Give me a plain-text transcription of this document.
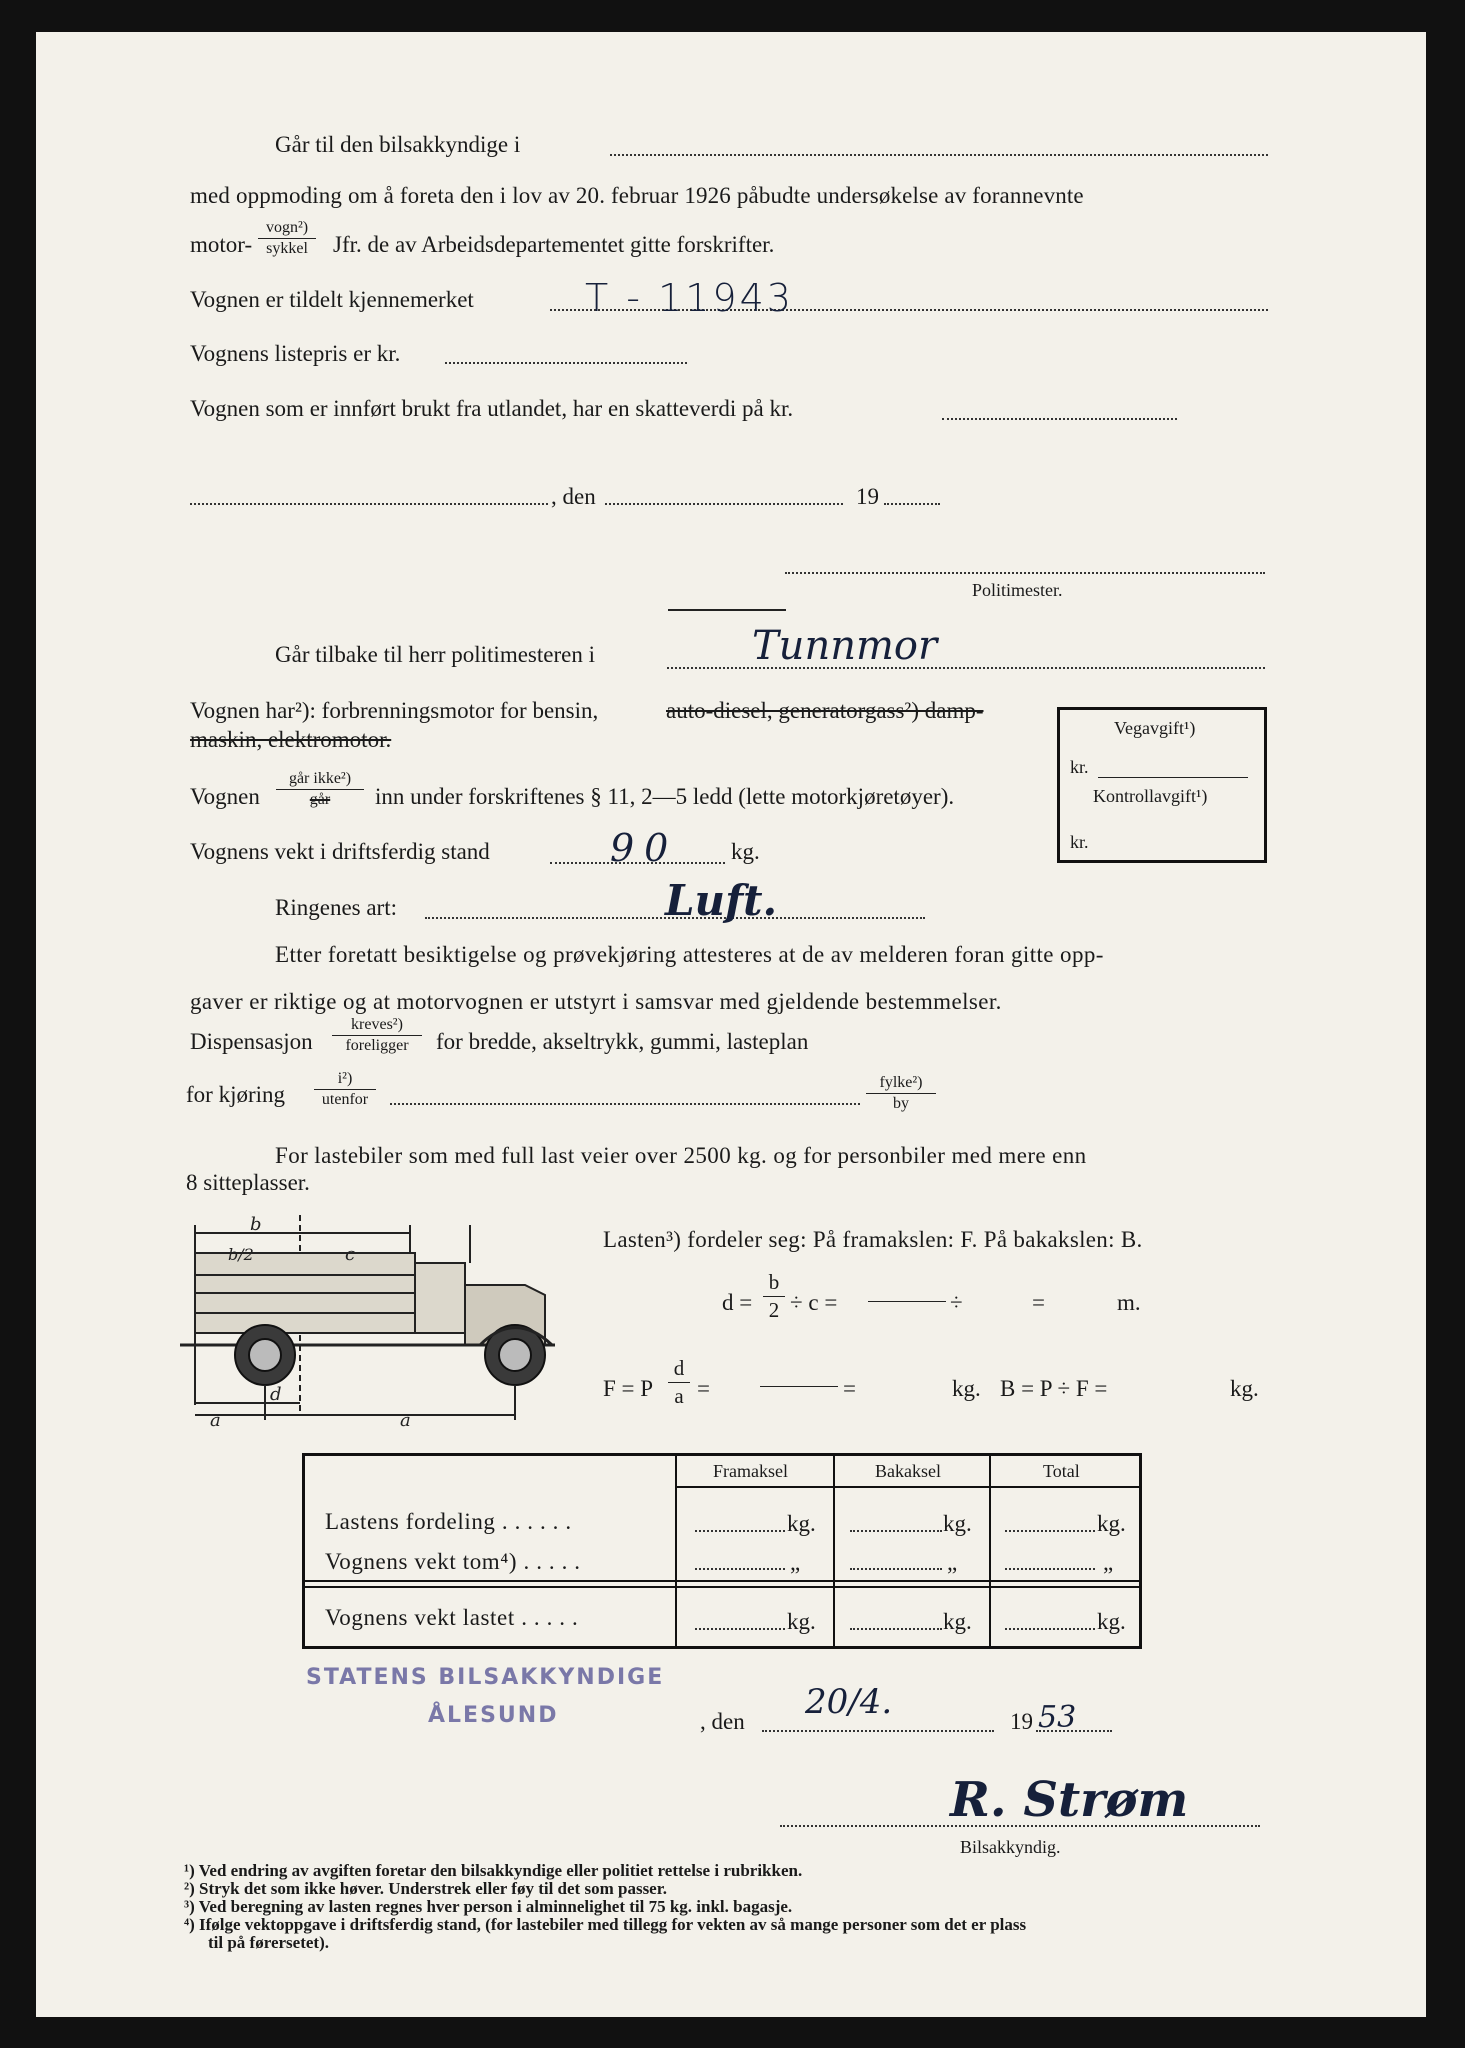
Går til den bilsakkyndige i
med oppmoding om å foreta den i lov av 20. februar 1926 påbudte undersøkelse av forannevnte
motor-
vogn²)
sykkel	Jfr. de av Arbeidsdepartementet gitte forskrifter.
Vognen er tildelt kjennemerket	T - 11943
Vognens listepris er kr.
Vognen som er innført brukt fra utlandet, har en skatteverdi på kr.
, den	19
Politimester.
Går tilbake til herr politimesteren i	Tunnmor
Vognen har²): forbrenningsmotor for bensin,	auto-diesel, generatorgass²) damp-
maskin, elektromotor.	Vegavgift¹)
kr.
Kontrollavgift¹)
kr.
Vognen
går ikke²)
går	inn under forskriftenes § 11, 2—5 ledd (lette motorkjøretøyer).
Vognens vekt i driftsferdig stand	90 kg.
Ringenes art:	Luft.
Etter foretatt besiktigelse og prøvekjøring attesteres at de av melderen foran gitte opp-
gaver er riktige og at motorvognen er utstyrt i samsvar med gjeldende bestemmelser.
Dispensasjon
kreves²)
foreligger	for bredde, akseltrykk, gummi, lasteplan
for kjøring
i²)
utenfor
fylke²)
by
For lastebiler som med full last veier over 2500 kg. og for personbiler med mere enn
8 sitteplasser.
b
b/2	c
d
a	a
Lasten³) fordeler seg: På framakslen: F. På bakakslen: B.
$d = \frac{b}{2} \div c$ =	÷	=	m.
F = P $\frac{d}{a}$ =	=	kg. B = P ÷ F =	kg.
Framaksel	Bakaksel	Total
Lastens fordeling . . . . . .	kg.	kg.	kg.
Vognens vekt tom⁴) . . . . .	„	„	„
Vognens vekt lastet . . . . .	kg.	kg.	kg.
STATENS BILSAKKYNDIGE
ÅLESUND	, den 20/4.	19 53
R. Strøm
Bilsakkyndig.
¹) Ved endring av avgiften foretar den bilsakkyndige eller politiet rettelse i rubrikken.
²) Stryk det som ikke høver. Understrek eller føy til det som passer.
³) Ved beregning av lasten regnes hver person i alminnelighet til 75 kg. inkl. bagasje.
⁴) Ifølge vektoppgave i driftsferdig stand, (for lastebiler med tillegg for vekten av så mange personer som det er plass
til på førersetet).
